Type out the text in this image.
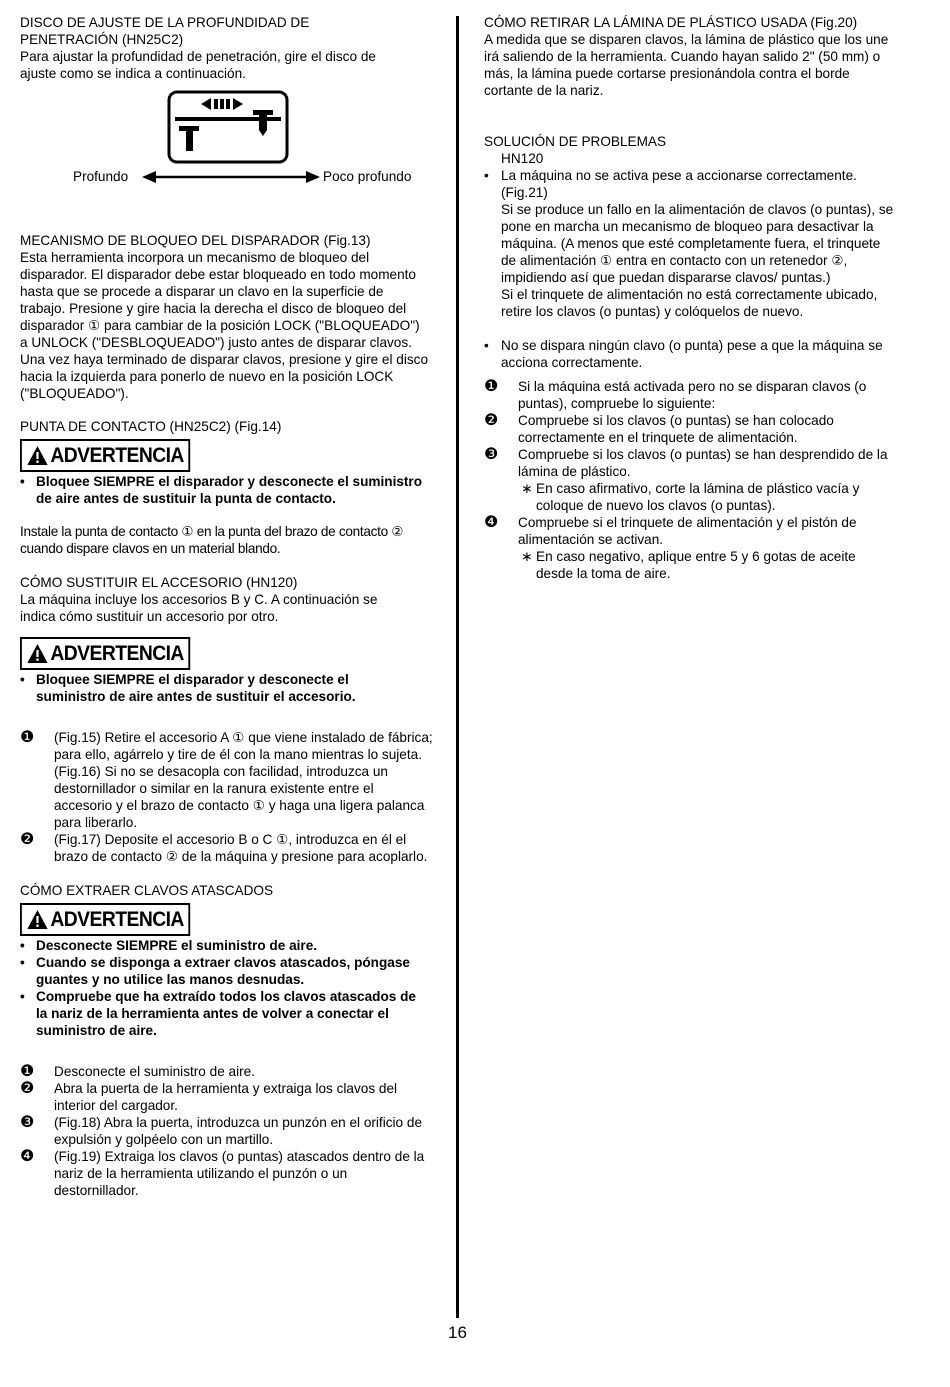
DISCO DE AJUSTE DE LA PROFUNDIDAD DE PENETRACIÓN (HN25C2)

Para ajustar la profundidad de penetración, gire el disco de ajuste como se indica a continuación.

Profundo	Poco profundo

MECANISMO DE BLOQUEO DEL DISPARADOR (Fig.13)

Esta herramienta incorpora un mecanismo de bloqueo del disparador. El disparador debe estar bloqueado en todo momento hasta que se procede a disparar un clavo en la superficie de trabajo. Presione y gire hacia la derecha el disco de bloqueo del disparador ① para cambiar de la posición LOCK ("BLOQUEADO") a UNLOCK ("DESBLOQUEADO") justo antes de disparar clavos. Una vez haya terminado de disparar clavos, presione y gire el disco hacia la izquierda para ponerlo de nuevo en la posición LOCK ("BLOQUEADO").

PUNTA DE CONTACTO (HN25C2) (Fig.14)

ADVERTENCIA
• Bloquee SIEMPRE el disparador y desconecte el suministro de aire antes de sustituir la punta de contacto.

Instale la punta de contacto ① en la punta del brazo de contacto ② cuando dispare clavos en un material blando.

CÓMO SUSTITUIR EL ACCESORIO (HN120)

La máquina incluye los accesorios B y C. A continuación se indica cómo sustituir un accesorio por otro.

ADVERTENCIA
• Bloquee SIEMPRE el disparador y desconecte el suministro de aire antes de sustituir el accesorio.
❶	(Fig.15) Retire el accesorio A ① que viene instalado de fábrica; para ello, agárrelo y tire de él con la mano mientras lo sujeta.

(Fig.16) Si no se desacopla con facilidad, introduzca un destornillador o similar en la ranura existente entre el accesorio y el brazo de contacto ① y haga una ligera palanca para liberarlo.

❷	(Fig.17) Deposite el accesorio B o C ①, introduzca en él el brazo de contacto ② de la máquina y presione para acoplarlo.

CÓMO EXTRAER CLAVOS ATASCADOS

ADVERTENCIA
• Desconecte SIEMPRE el suministro de aire.
• Cuando se disponga a extraer clavos atascados, póngase guantes y no utilice las manos desnudas.
• Compruebe que ha extraído todos los clavos atascados de la nariz de la herramienta antes de volver a conectar el suministro de aire.
❶	Desconecte el suministro de aire.

❷	Abra la puerta de la herramienta y extraiga los clavos del interior del cargador.

❸	(Fig.18) Abra la puerta, introduzca un punzón en el orificio de expulsión y golpéelo con un martillo.

❹	(Fig.19) Extraiga los clavos (o puntas) atascados dentro de la nariz de la herramienta utilizando el punzón o un destornillador.

CÓMO RETIRAR LA LÁMINA DE PLÁSTICO USADA (Fig.20)

A medida que se disparen clavos, la lámina de plástico que los une irá saliendo de la herramienta. Cuando hayan salido 2" (50 mm) o más, la lámina puede cortarse presionándola contra el borde cortante de la nariz.

SOLUCIÓN DE PROBLEMAS

HN120

• La máquina no se activa pese a accionarse correctamente. (Fig.21)

Si se produce un fallo en la alimentación de clavos (o puntas), se pone en marcha un mecanismo de bloqueo para desactivar la máquina. (A menos que esté completamente fuera, el trinquete de alimentación ① entra en contacto con un retenedor ②, impidiendo así que puedan dispararse clavos/ puntas.)

Si el trinquete de alimentación no está correctamente ubicado, retire los clavos (o puntas) y colóquelos de nuevo.

• No se dispara ningún clavo (o punta) pese a que la máquina se acciona correctamente.

❶	Si la máquina está activada pero no se disparan clavos (o puntas), compruebe lo siguiente:

❷	Compruebe si los clavos (o puntas) se han colocado correctamente en el trinquete de alimentación.

❸	Compruebe si los clavos (o puntas) se han desprendido de la lámina de plástico.

∗ En caso afirmativo, corte la lámina de plástico vacía y coloque de nuevo los clavos (o puntas).

❹	Compruebe si el trinquete de alimentación y el pistón de alimentación se activan.

∗ En caso negativo, aplique entre 5 y 6 gotas de aceite desde la toma de aire.

16
